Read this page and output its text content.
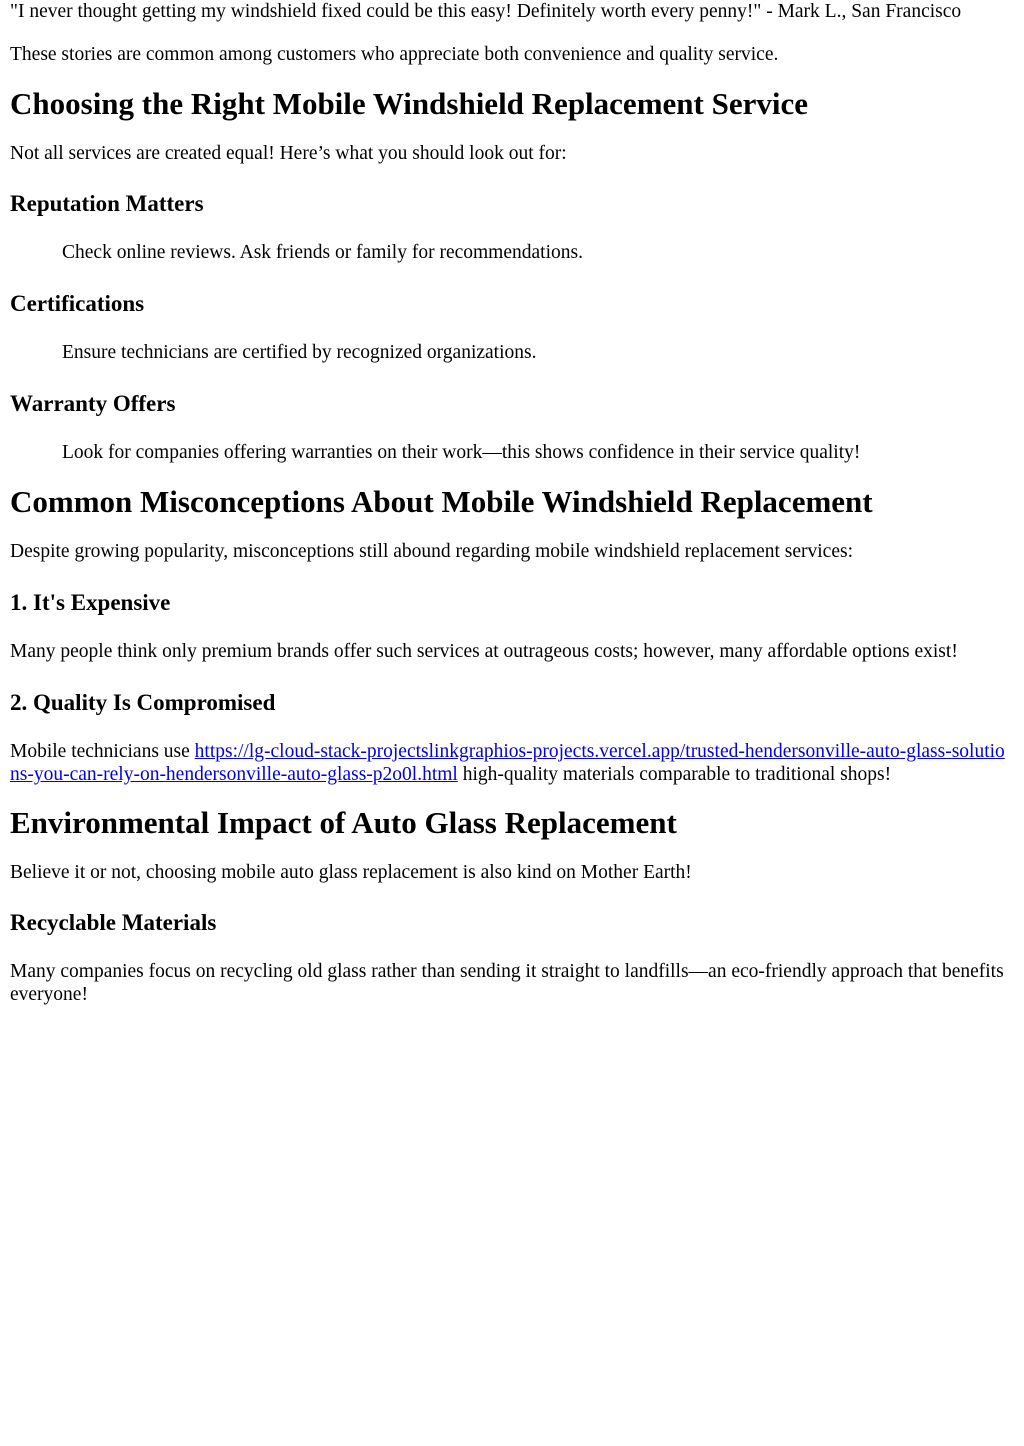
"I never thought getting my windshield fixed could be this easy! Definitely worth every penny!" - Mark L., San Francisco

These stories are common among customers who appreciate both convenience and quality service.

Choosing the Right Mobile Windshield Replacement Service

Not all services are created equal! Here’s what you should look out for:

Reputation Matters

Check online reviews. Ask friends or family for recommendations.

Certifications

Ensure technicians are certified by recognized organizations.

Warranty Offers

Look for companies offering warranties on their work—this shows confidence in their service quality!

Common Misconceptions About Mobile Windshield Replacement

Despite growing popularity, misconceptions still abound regarding mobile windshield replacement services:

1. It's Expensive

Many people think only premium brands offer such services at outrageous costs; however, many affordable options exist!

2. Quality Is Compromised

Mobile technicians use https://lg-cloud-stack-projectslinkgraphios-projects.vercel.app/trusted-hendersonville-auto-glass-solutions-you-can-rely-on-hendersonville-auto-glass-p2o0l.html high-quality materials comparable to traditional shops!

Environmental Impact of Auto Glass Replacement

Believe it or not, choosing mobile auto glass replacement is also kind on Mother Earth!

Recyclable Materials

Many companies focus on recycling old glass rather than sending it straight to landfills—an eco-friendly approach that benefits everyone!
